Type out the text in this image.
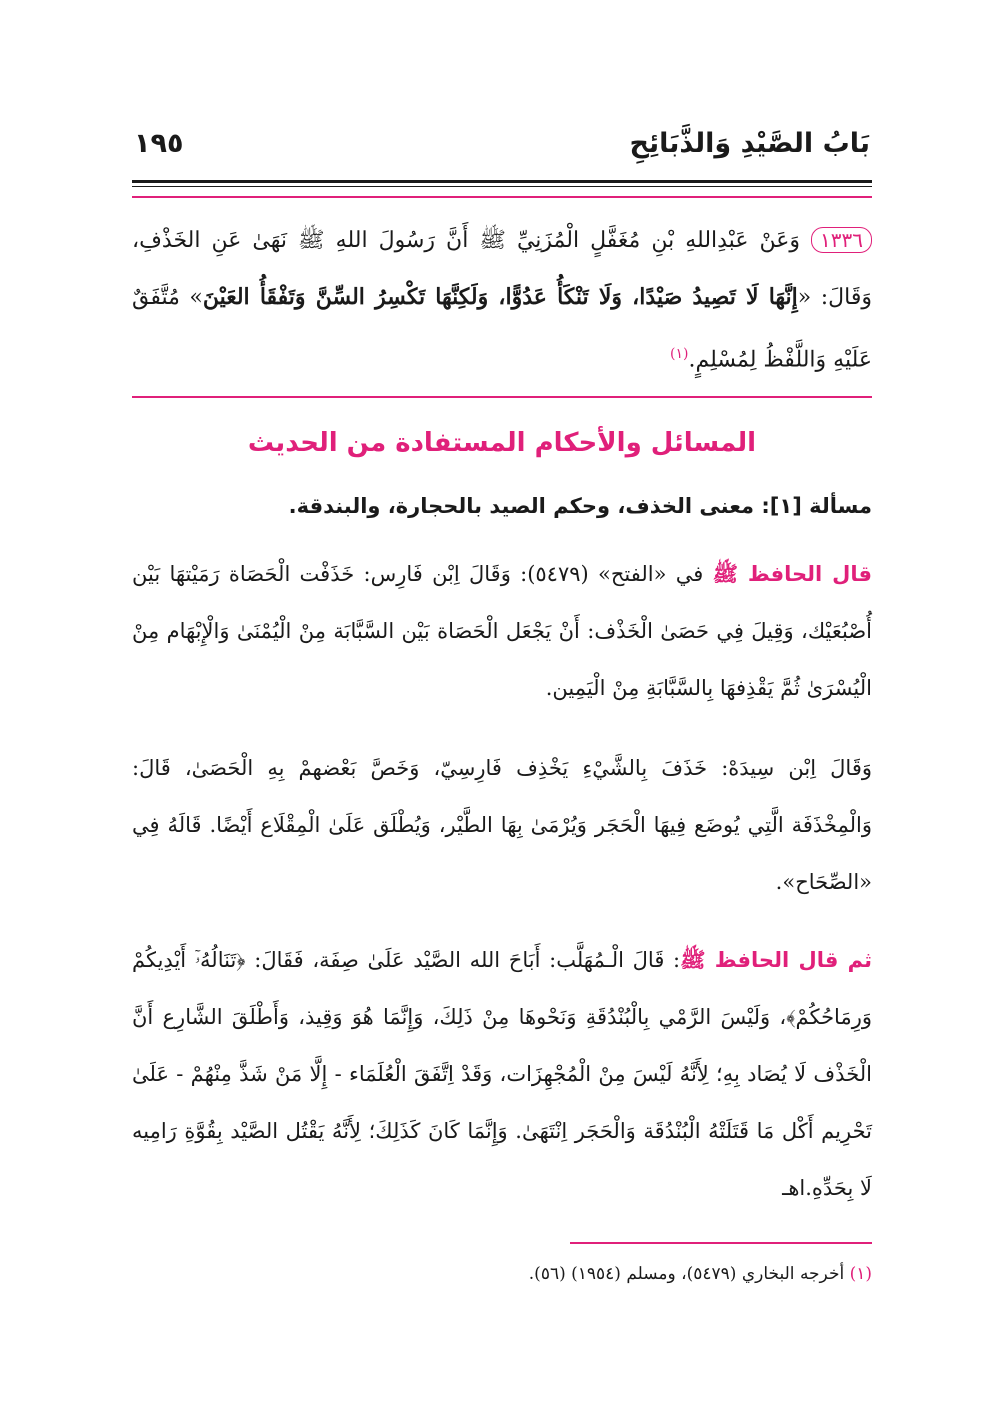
بَابُ الصَّيْدِ وَالذَّبَائِحِ
١٩٥
١٣٣٦ وَعَنْ عَبْدِاللهِ بْنِ مُغَفَّلٍ الْمُزَنِيِّ ﷺ أَنَّ رَسُولَ اللهِ ﷺ نَهَىٰ عَنِ الخَذْفِ، وَقَالَ: «إِنَّهَا لَا تَصِيدُ صَيْدًا، وَلَا تَنْكَأُ عَدُوًّا، وَلَكِنَّهَا تَكْسِرُ السِّنَّ وَتَفْقَأُ العَيْنَ» مُتَّفَقٌ عَلَيْهِ وَاللَّفْظُ لِمُسْلِمٍ.$^{(١)}$
المسائل والأحكام المستفادة من الحديث
مسألة [١]: معنى الخذف، وحكم الصيد بالحجارة، والبندقة.
قال الحافظ ﷺ في «الفتح» (٥٤٧٩): وَقَالَ اِبْن فَارِس: خَذَفْت الْحَصَاة رَمَيْتهَا بَيْن أُصْبُعَيْك، وَقِيلَ فِي حَصَىٰ الْخَذْف: أَنْ يَجْعَل الْحَصَاة بَيْن السَّبَّابَة مِنْ الْيُمْنَىٰ وَالْإِبْهَام مِنْ الْيُسْرَىٰ ثُمَّ يَقْذِفهَا بِالسَّبَّابَةِ مِنْ الْيَمِين.
وَقَالَ اِبْن سِيدَهْ: خَذَفَ بِالشَّيْءِ يَخْذِف فَارِسِيّ، وَخَصَّ بَعْضهمْ بِهِ الْحَصَىٰ، قَالَ: وَالْمِخْذَفَة الَّتِي يُوضَع فِيهَا الْحَجَر وَيُرْمَىٰ بِهَا الطَّيْر، وَيُطْلَق عَلَىٰ الْمِقْلَاع أَيْضًا. قَالَهُ فِي «الصِّحَاح».
ثم قال الحافظ ﷺ: قَالَ الْـمُهَلَّب: أَبَاحَ الله الصَّيْد عَلَىٰ صِفَة، فَقَالَ: ﴿تَنَالُهُۥٓ أَيْدِيكُمْ وَرِمَاحُكُمْ﴾، وَلَيْسَ الرَّمْي بِالْبُنْدُقَةِ وَنَحْوهَا مِنْ ذَلِكَ، وَإِنَّمَا هُوَ وَقِيذ، وَأَطْلَقَ الشَّارِع أَنَّ الْخَذْف لَا يُصَاد بِهِ؛ لِأَنَّهُ لَيْسَ مِنْ الْمُجْهِزَات، وَقَدْ اِتَّفَقَ الْعُلَمَاء - إِلَّا مَنْ شَذَّ مِنْهُمْ - عَلَىٰ تَحْرِيم أَكْل مَا قَتَلَتْهُ الْبُنْدُقَة وَالْحَجَر اِنْتَهَىٰ. وَإِنَّمَا كَانَ كَذَلِكَ؛ لِأَنَّهُ يَقْتُل الصَّيْد بِقُوَّةِ رَامِيه لَا بِحَدِّهِ.اهـ
(١) أخرجه البخاري (٥٤٧٩)، ومسلم (١٩٥٤) (٥٦).
